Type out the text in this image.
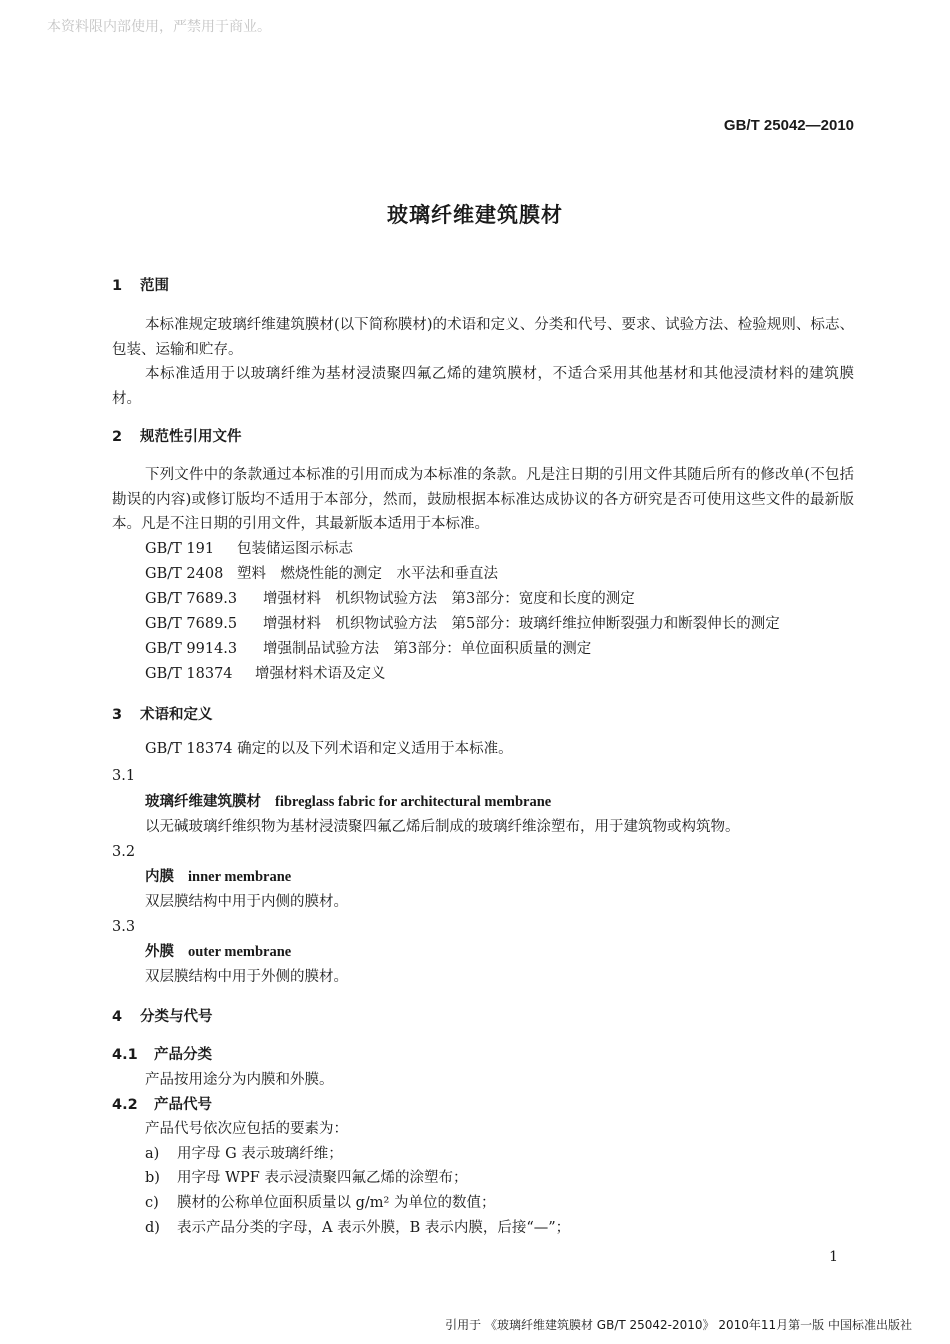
本资料限内部使用，严禁用于商业。
GB/T 25042—2010
玻璃纤维建筑膜材
1 范围
本标准规定玻璃纤维建筑膜材(以下简称膜材)的术语和定义、分类和代号、要求、试验方法、检验规则、标志、包装、运输和贮存。
本标准适用于以玻璃纤维为基材浸渍聚四氟乙烯的建筑膜材，不适合采用其他基材和其他浸渍材料的建筑膜材。
2 规范性引用文件
下列文件中的条款通过本标准的引用而成为本标准的条款。凡是注日期的引用文件其随后所有的修改单(不包括勘误的内容)或修订版均不适用于本部分，然而，鼓励根据本标准达成协议的各方研究是否可使用这些文件的最新版本。凡是不注日期的引用文件，其最新版本适用于本标准。
GB/T 191 包装储运图示标志
GB/T 2408 塑料　燃烧性能的测定　水平法和垂直法
GB/T 7689.3 增强材料　机织物试验方法　第3部分：宽度和长度的测定
GB/T 7689.5 增强材料　机织物试验方法　第5部分：玻璃纤维拉伸断裂强力和断裂伸长的测定
GB/T 9914.3 增强制品试验方法　第3部分：单位面积质量的测定
GB/T 18374 增强材料术语及定义
3 术语和定义
GB/T 18374 确定的以及下列术语和定义适用于本标准。
3.1
玻璃纤维建筑膜材 fibreglass fabric for architectural membrane
以无碱玻璃纤维织物为基材浸渍聚四氟乙烯后制成的玻璃纤维涂塑布，用于建筑物或构筑物。
3.2
内膜 inner membrane
双层膜结构中用于内侧的膜材。
3.3
外膜 outer membrane
双层膜结构中用于外侧的膜材。
4 分类与代号
4.1 产品分类
产品按用途分为内膜和外膜。
4.2 产品代号
产品代号依次应包括的要素为：
a) 用字母 G 表示玻璃纤维；
b) 用字母 WPF 表示浸渍聚四氟乙烯的涂塑布；
c) 膜材的公称单位面积质量以 g/m² 为单位的数值；
d) 表示产品分类的字母，A 表示外膜，B 表示内膜，后接“—”；
1
引用于 《玻璃纤维建筑膜材 GB/T 25042-2010》 2010年11月第一版 中国标准出版社
